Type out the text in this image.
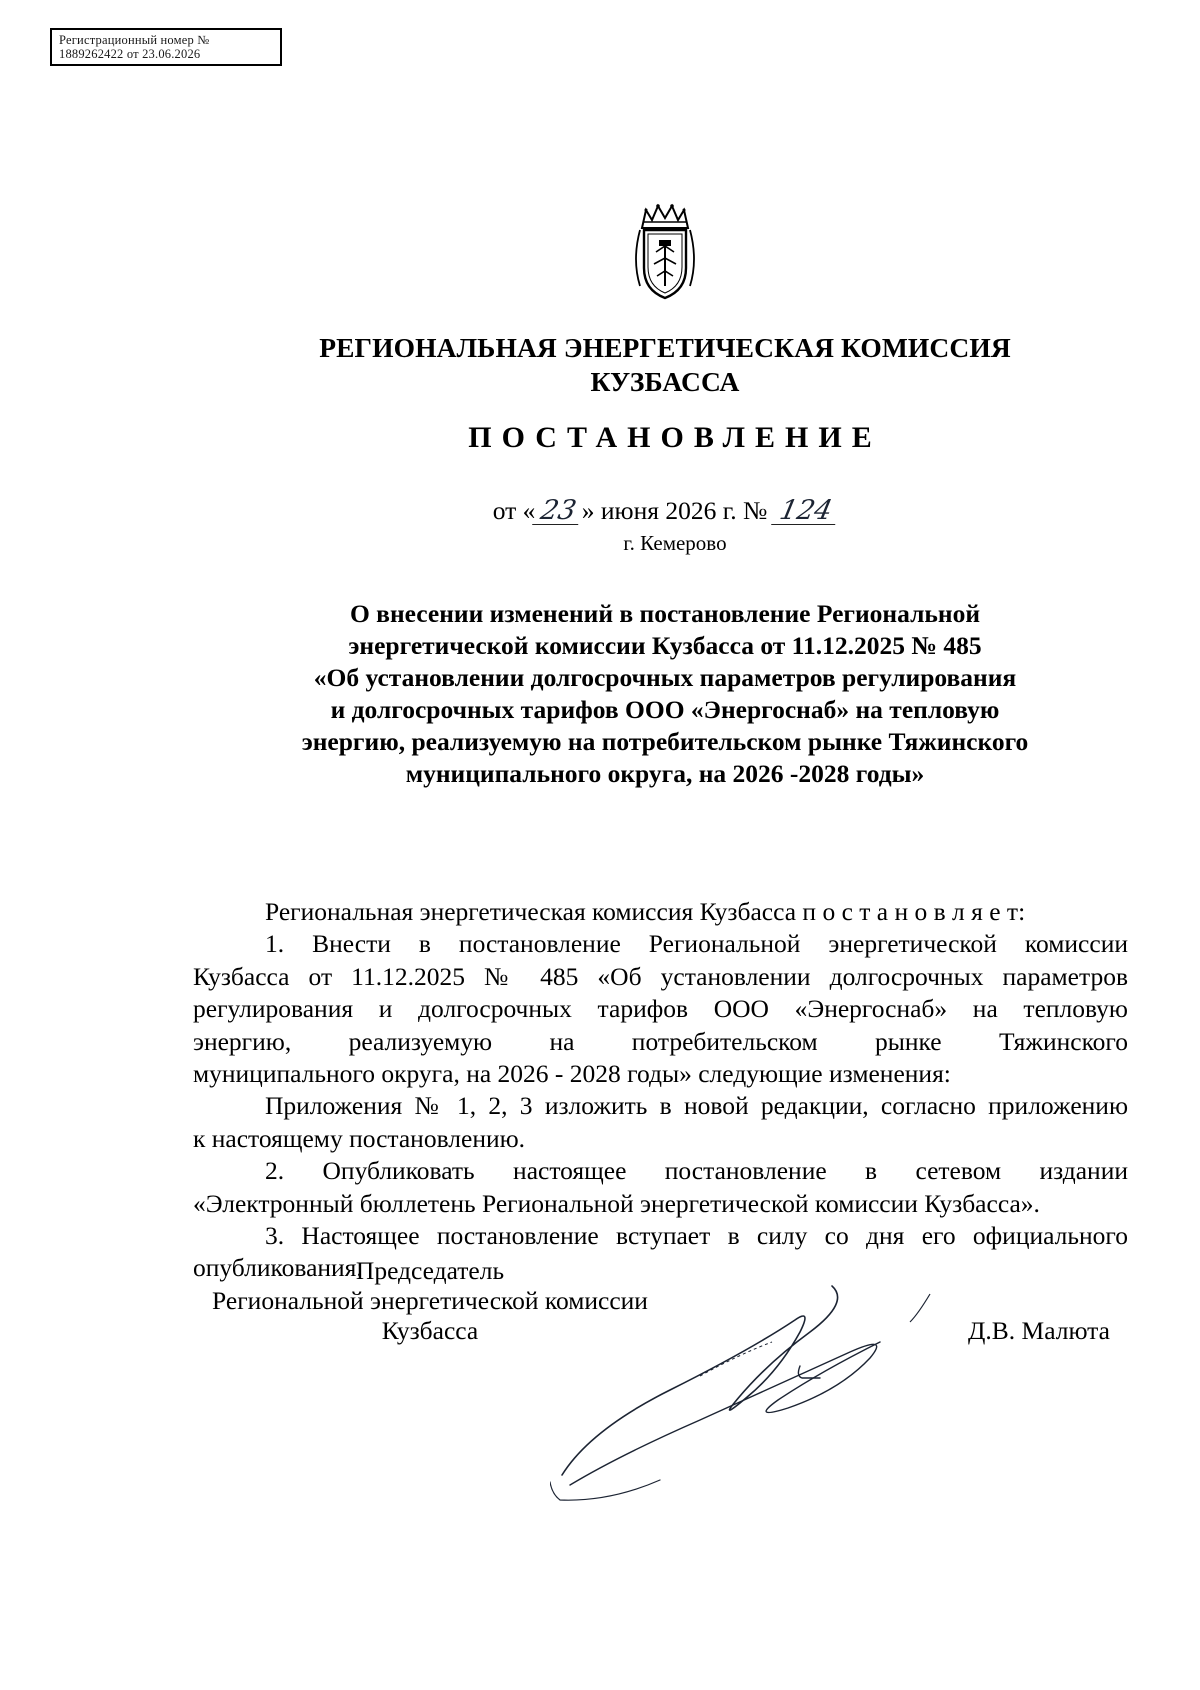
Регистрационный номер №
1889262422 от 23.06.2026
РЕГИОНАЛЬНАЯ ЭНЕРГЕТИЧЕСКАЯ КОМИССИЯ
КУЗБАССА
ПОСТАНОВЛЕНИЕ
от « 23» июня 2026 г. № 124
г. Кемерово
О внесении изменений в постановление Региональной
энергетической комиссии Кузбасса от 11.12.2025 № 485
«Об установлении долгосрочных параметров регулирования
и долгосрочных тарифов ООО «Энергоснаб» на тепловую
энергию, реализуемую на потребительском рынке Тяжинского
муниципального округа, на 2026 -2028 годы»
Региональная энергетическая комиссия Кузбасса п о с т а н о в л я е т:
1. Внести в постановление Региональной энергетической комиссии
Кузбасса от 11.12.2025 № 485 «Об установлении долгосрочных параметров
регулирования и долгосрочных тарифов ООО «Энергоснаб» на тепловую
энергию, реализуемую на потребительском рынке Тяжинского
муниципального округа, на 2026 - 2028 годы» следующие изменения:
Приложения № 1, 2, 3 изложить в новой редакции, согласно приложению
к настоящему постановлению.
2. Опубликовать настоящее постановление в сетевом издании
«Электронный бюллетень Региональной энергетической комиссии Кузбасса».
3. Настоящее постановление вступает в силу со дня его официального
опубликования.
Председатель
Региональной энергетической комиссии
Кузбасса	Д.В. Малюта
